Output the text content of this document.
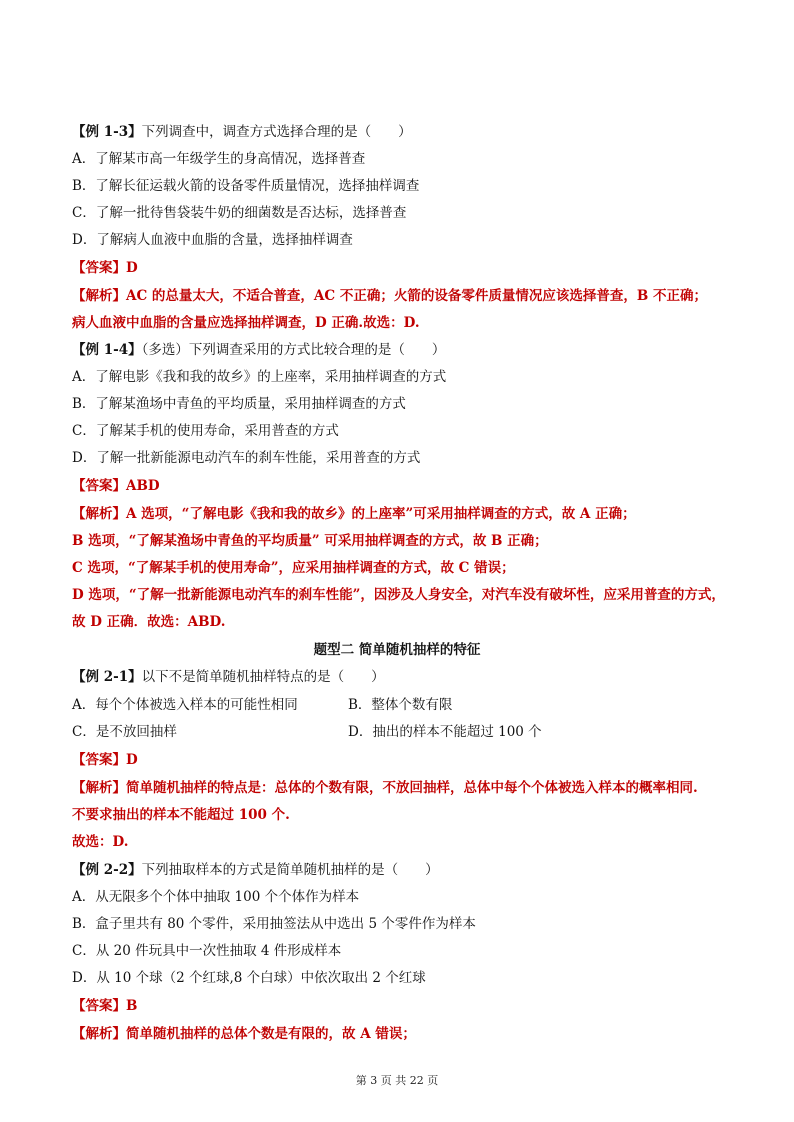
【例 1-3】下列调查中，调查方式选择合理的是（　　）
A．了解某市高一年级学生的身高情况，选择普查
B．了解长征运载火箭的设备零件质量情况，选择抽样调查
C．了解一批待售袋装牛奶的细菌数是否达标，选择普查
D．了解病人血液中血脂的含量，选择抽样调查
【答案】D
【解析】AC 的总量太大，不适合普查，AC 不正确；火箭的设备零件质量情况应该选择普查，B 不正确；
病人血液中血脂的含量应选择抽样调查，D 正确.故选：D.
【例 1-4】（多选）下列调查采用的方式比较合理的是（　　）
A．了解电影《我和我的故乡》的上座率，采用抽样调查的方式
B．了解某渔场中青鱼的平均质量，采用抽样调查的方式
C．了解某手机的使用寿命，采用普查的方式
D．了解一批新能源电动汽车的刹车性能，采用普查的方式
【答案】ABD
【解析】A 选项，“了解电影《我和我的故乡》的上座率”可采用抽样调查的方式，故 A 正确；
B 选项，“了解某渔场中青鱼的平均质量” 可采用抽样调查的方式，故 B 正确；
C 选项，“了解某手机的使用寿命”，应采用抽样调查的方式，故 C 错误；
D 选项，“了解一批新能源电动汽车的刹车性能”，因涉及人身安全，对汽车没有破坏性，应采用普查的方式，
故 D 正确．故选：ABD.
题型二 简单随机抽样的特征
【例 2-1】以下不是简单随机抽样特点的是（　　）
A．每个个体被选入样本的可能性相同	B．整体个数有限
C．是不放回抽样	D．抽出的样本不能超过 100 个
【答案】D
【解析】简单随机抽样的特点是：总体的个数有限，不放回抽样，总体中每个个体被选入样本的概率相同.
不要求抽出的样本不能超过 100 个.
故选：D.
【例 2-2】下列抽取样本的方式是简单随机抽样的是（　　）
A．从无限多个个体中抽取 100 个个体作为样本
B．盒子里共有 80 个零件，采用抽签法从中选出 5 个零件作为样本
C．从 20 件玩具中一次性抽取 4 件形成样本
D．从 10 个球（2 个红球,8 个白球）中依次取出 2 个红球
【答案】B
【解析】简单随机抽样的总体个数是有限的，故 A 错误；
第 3 页 共 22 页
